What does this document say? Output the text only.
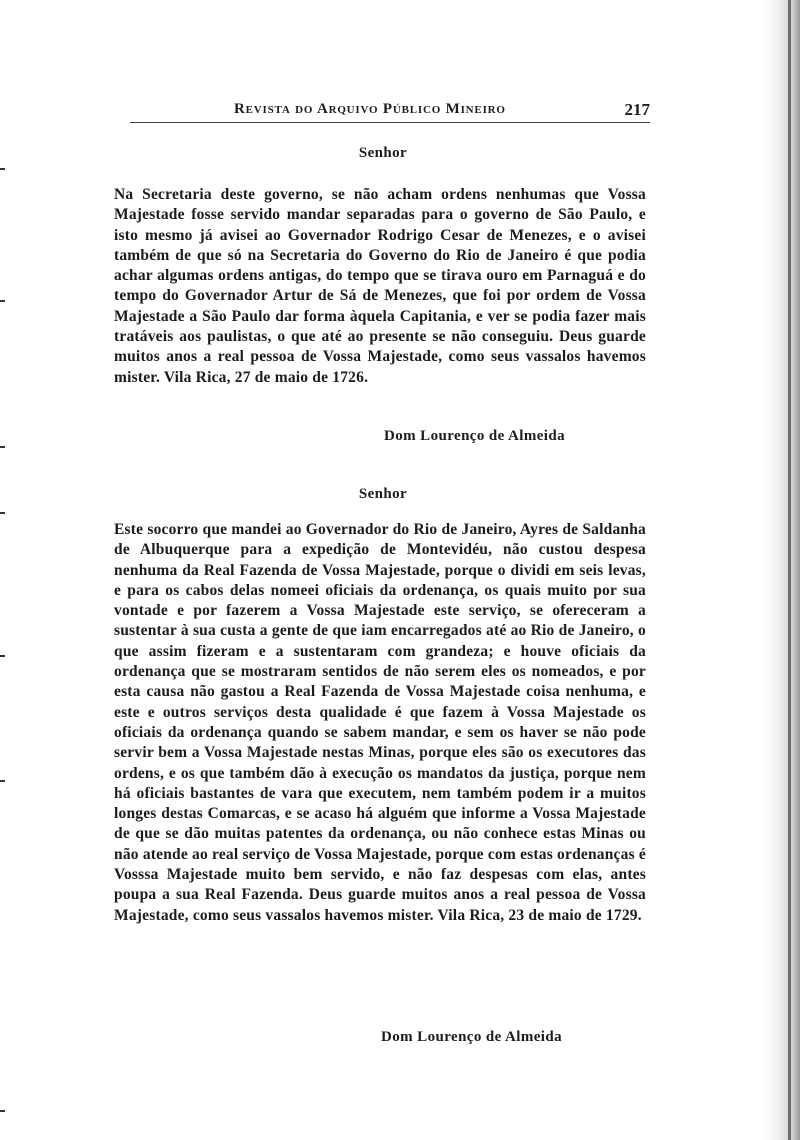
Revista do Arquivo Público Mineiro	217
Senhor
Na Secretaria deste governo, se não acham ordens nenhumas que Vossa Majestade fosse servido mandar separadas para o governo de São Paulo, e isto mesmo já avisei ao Governador Rodrigo Cesar de Menezes, e o avisei também de que só na Secretaria do Governo do Rio de Janeiro é que podia achar algumas ordens antigas, do tempo que se tirava ouro em Parnaguá e do tempo do Governador Artur de Sá de Menezes, que foi por ordem de Vossa Majestade a São Paulo dar forma àquela Capitania, e ver se podia fazer mais tratáveis aos paulistas, o que até ao presente se não conseguiu. Deus guarde muitos anos a real pessoa de Vossa Majestade, como seus vassalos havemos mister. Vila Rica, 27 de maio de 1726.
Dom Lourenço de Almeida
Senhor
Este socorro que mandei ao Governador do Rio de Janeiro, Ayres de Saldanha de Albuquerque para a expedição de Montevidéu, não custou despesa nenhuma da Real Fazenda de Vossa Majestade, porque o dividi em seis levas, e para os cabos delas nomeei oficiais da ordenança, os quais muito por sua vontade e por fazerem a Vossa Majestade este serviço, se ofereceram a sustentar à sua custa a gente de que iam encarregados até ao Rio de Janeiro, o que assim fizeram e a sustentaram com grandeza; e houve oficiais da ordenança que se mostraram sentidos de não serem eles os nomeados, e por esta causa não gastou a Real Fazenda de Vossa Majestade coisa nenhuma, e este e outros serviços desta qualidade é que fazem à Vossa Majestade os oficiais da ordenança quando se sabem mandar, e sem os haver se não pode servir bem a Vossa Majestade nestas Minas, porque eles são os executores das ordens, e os que também dão à execução os mandatos da justiça, porque nem há oficiais bastantes de vara que executem, nem também podem ir a muitos longes destas Comarcas, e se acaso há alguém que informe a Vossa Majestade de que se dão muitas patentes da ordenança, ou não conhece estas Minas ou não atende ao real serviço de Vossa Majestade, porque com estas ordenanças é Vosssa Majestade muito bem servido, e não faz despesas com elas, antes poupa a sua Real Fazenda. Deus guarde muitos anos a real pessoa de Vossa Majestade, como seus vassalos havemos mister. Vila Rica, 23 de maio de 1729.
Dom Lourenço de Almeida
